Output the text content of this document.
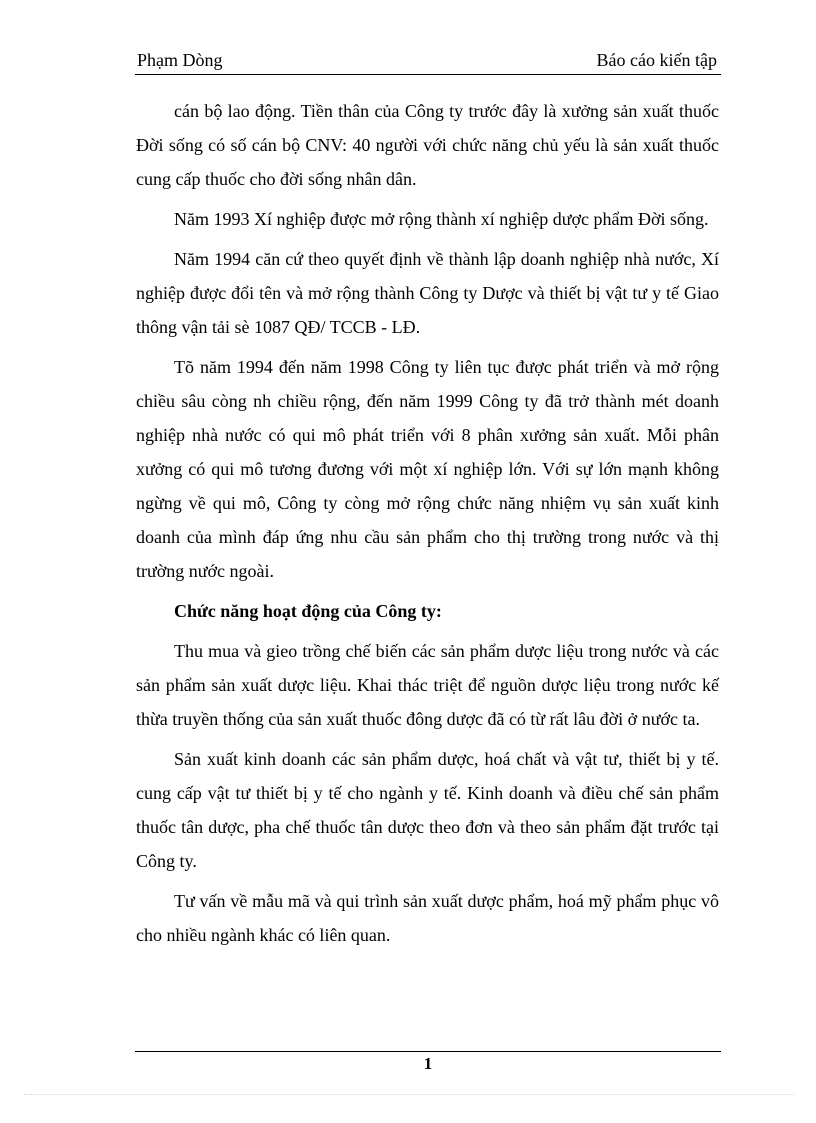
Phạm Dòng	Báo cáo kiến tập

cán bộ lao động. Tiền thân của Công ty trước đây là xưởng sản xuất thuốc Đời sống có số cán bộ CNV: 40 người với chức năng chủ yếu là sản xuất thuốc cung cấp thuốc cho đời sống nhân dân.

Năm 1993 Xí nghiệp được mở rộng thành xí nghiệp dược phẩm Đời sống.

Năm 1994 căn cứ theo quyết định về thành lập doanh nghiệp nhà nước, Xí nghiệp được đổi tên và mở rộng thành Công ty Dược và thiết bị vật tư y tế Giao thông vận tải sè 1087 QĐ/ TCCB - LĐ.

Tõ năm 1994 đến năm 1998 Công ty liên tục được phát triển và mở rộng chiều sâu còng nh chiều rộng, đến năm 1999 Công ty đã trở thành mét doanh nghiệp nhà nước có qui mô phát triển với 8 phân xưởng sản xuất. Mỗi phân xưởng có qui mô tương đương với một xí nghiệp lớn. Với sự lớn mạnh không ngừng về qui mô, Công ty còng mở rộng chức năng nhiệm vụ sản xuất kinh doanh của mình đáp ứng nhu cầu sản phẩm cho thị trường trong nước và thị trường nước ngoài.

Chức năng hoạt động của Công ty:

Thu mua và gieo trồng chế biến các sản phẩm dược liệu trong nước và các sản phẩm sản xuất dược liệu. Khai thác triệt để nguồn dược liệu trong nước kế thừa truyền thống của sản xuất thuốc đông dược đã có từ rất lâu đời ở nước ta.

Sản xuất kinh doanh các sản phẩm dược, hoá chất và vật tư, thiết bị y tế. cung cấp vật tư thiết bị y tế cho ngành y tế. Kinh doanh và điều chế sản phẩm thuốc tân dược, pha chế thuốc tân dược theo đơn và theo sản phẩm đặt trước tại Công ty.

Tư vấn về mẫu mã và qui trình sản xuất dược phẩm, hoá mỹ phẩm phục vô cho nhiều ngành khác có liên quan.

1
